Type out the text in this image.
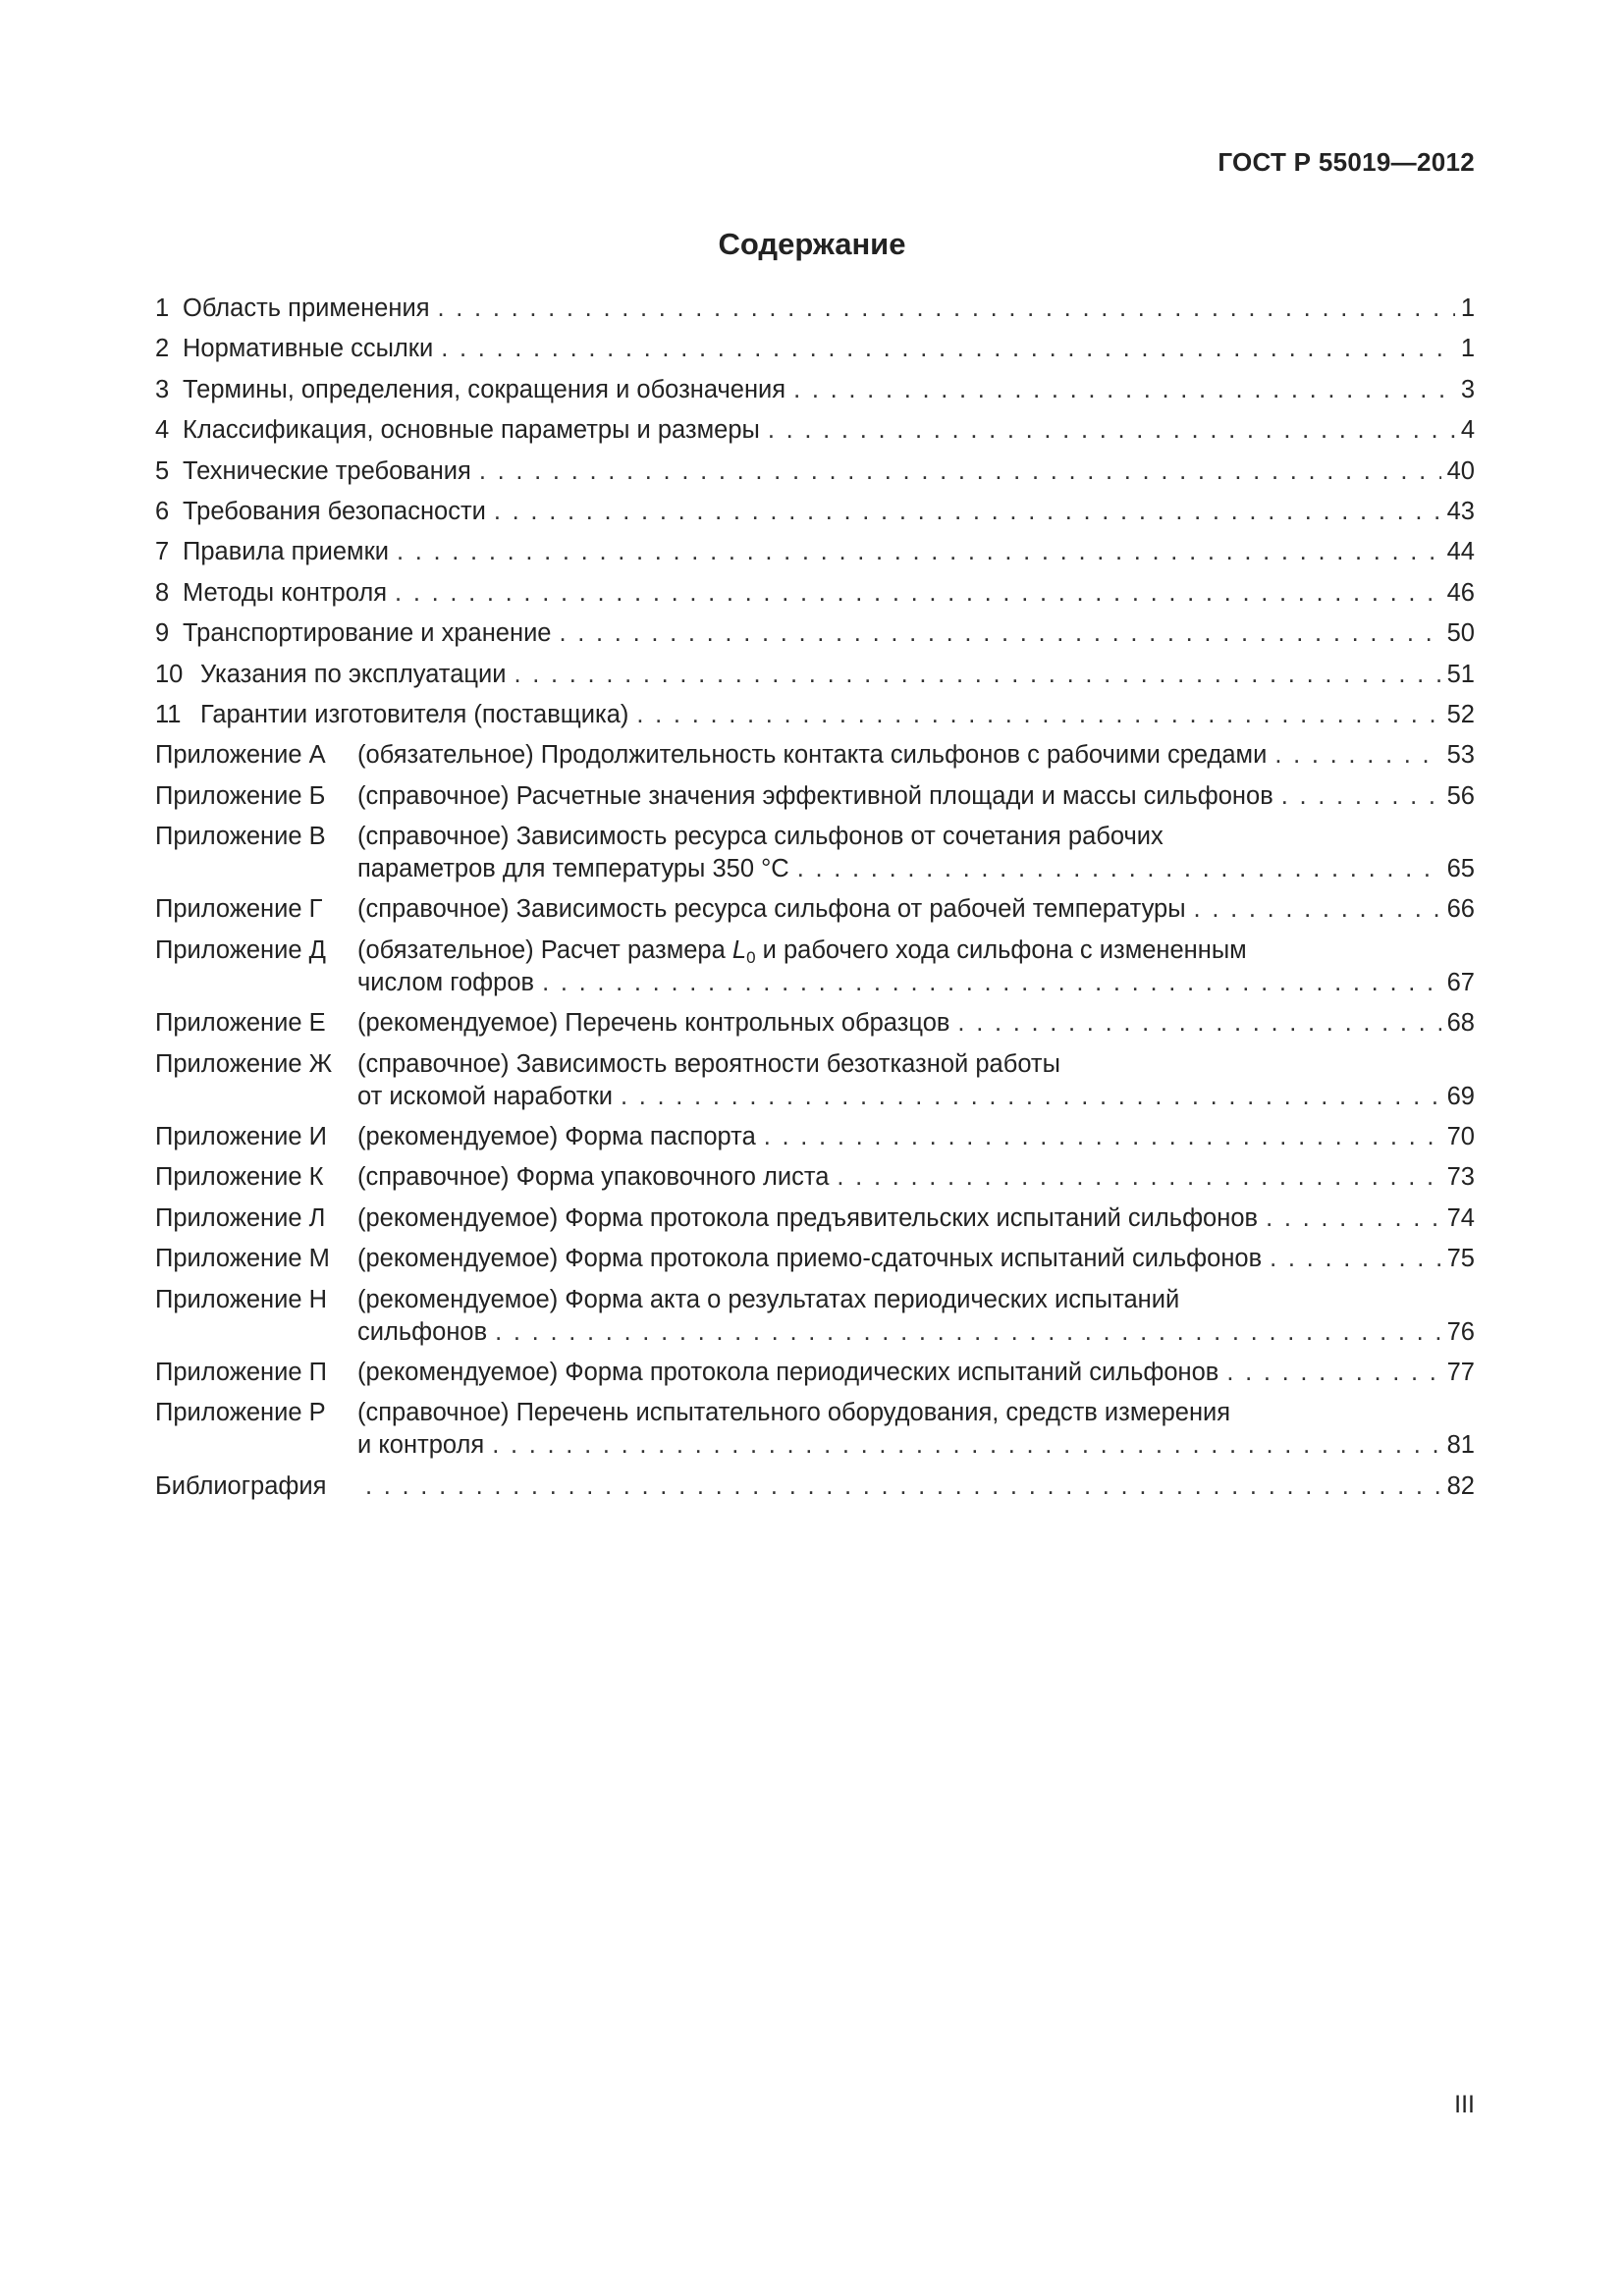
ГОСТ Р 55019—2012
Содержание
1 Область применения . . .	1
2 Нормативные ссылки . . .	1
3 Термины, определения, сокращения и обозначения . . .	3
4 Классификация, основные параметры и размеры . . .	4
5 Технические требования . . .	40
6 Требования безопасности . . .	43
7 Правила приемки . . .	44
8 Методы контроля . . .	46
9 Транспортирование и хранение . . .	50
10 Указания по эксплуатации . . .	51
11 Гарантии изготовителя (поставщика) . . .	52
Приложение А	(обязательное) Продолжительность контакта сильфонов с рабочими средами . . .	53
Приложение Б	(справочное) Расчетные значения эффективной площади и массы сильфонов . . .	56
Приложение В	(справочное) Зависимость ресурса сильфонов от сочетания рабочих
параметров для температуры 350 °С . . .	65
Приложение Г	(справочное) Зависимость ресурса сильфона от рабочей температуры . . .	66
Приложение Д	(обязательное) Расчет размера $L_0$ и рабочего хода сильфона с измененным
числом гофров . . .	67
Приложение Е	(рекомендуемое) Перечень контрольных образцов . . .	68
Приложение Ж	(справочное) Зависимость вероятности безотказной работы
от искомой наработки . . .	69
Приложение И	(рекомендуемое) Форма паспорта . . .	70
Приложение К	(справочное) Форма упаковочного листа . . .	73
Приложение Л	(рекомендуемое) Форма протокола предъявительских испытаний сильфонов . . .	74
Приложение М	(рекомендуемое) Форма протокола приемо-сдаточных испытаний сильфонов . . .	75
Приложение Н	(рекомендуемое) Форма акта о результатах периодических испытаний
сильфонов . . .	76
Приложение П	(рекомендуемое) Форма протокола периодических испытаний сильфонов . . .	77
Приложение Р	(справочное) Перечень испытательного оборудования, средств измерения
и контроля . . .	81
Библиография . . .	82
III
